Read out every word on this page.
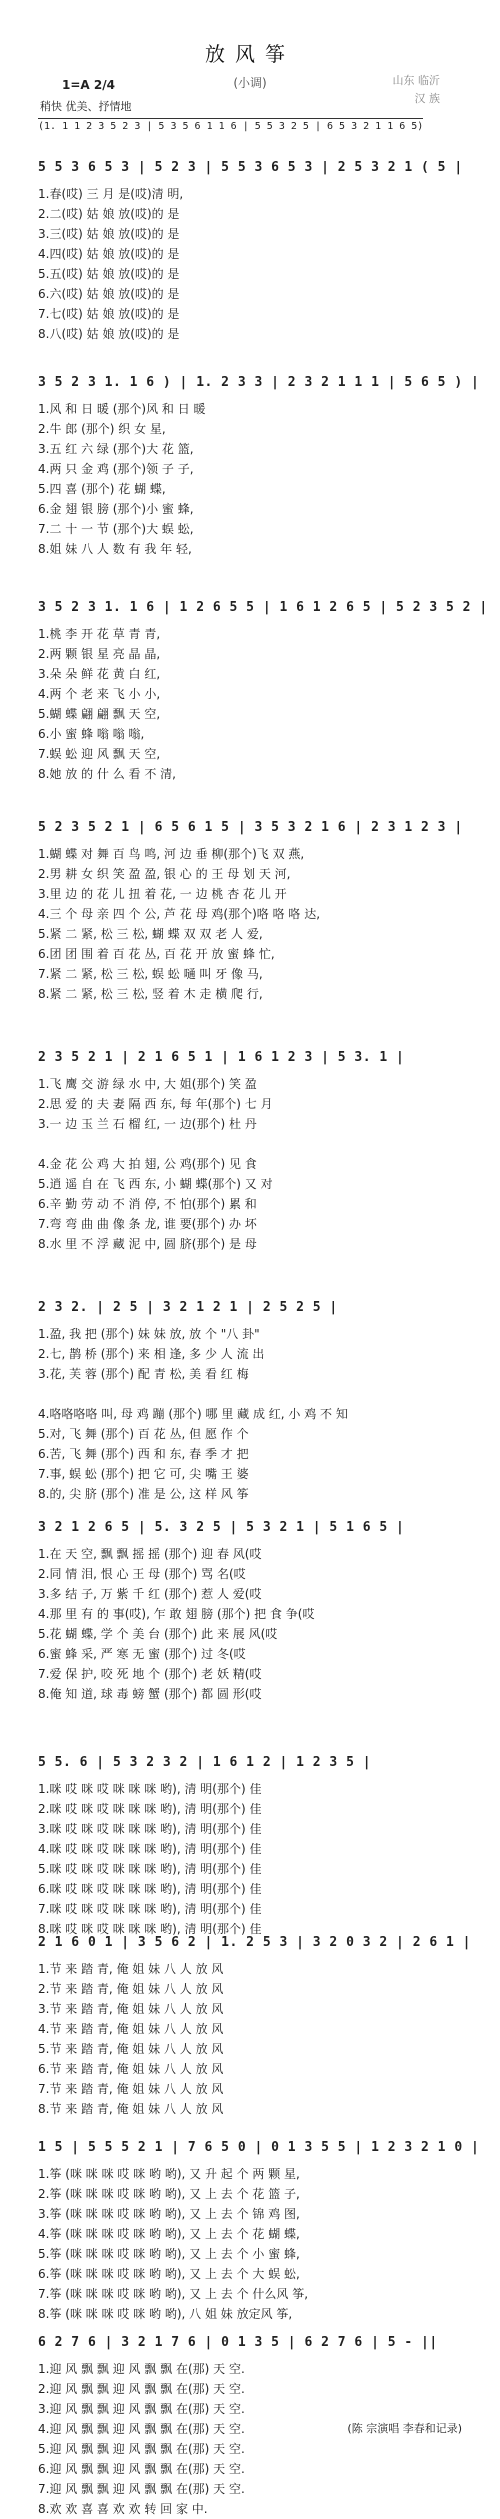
放风筝
(小调)	山东 临沂
汉 族
1=A 2/4
稍快 优美、抒情地
(1. 1 1 2 3 5 2 3 | 5 3 5 6 1 1 6 | 5 5 3 2 5 | 6 5 3 2 1 1 6 5)
5 5 3 6 5 3 | 5 2 3 | 5 5 3 6 5 3 | 2 5 3 2 1 ( 5 |
1.春(哎) 三 月 是(哎)清 明,
2.二(哎) 姑 娘 放(哎)的 是
3.三(哎) 姑 娘 放(哎)的 是
4.四(哎) 姑 娘 放(哎)的 是
5.五(哎) 姑 娘 放(哎)的 是
6.六(哎) 姑 娘 放(哎)的 是
7.七(哎) 姑 娘 放(哎)的 是
8.八(哎) 姑 娘 放(哎)的 是
3 5 2 3 1. 1 6 ) | 1. 2 3 3 | 2 3 2 1 1 1 | 5 6 5 ) |
1.风 和 日 暖 (那个)风 和 日 暖
2.牛 郎 (那个) 织 女 星,
3.五 红 六 绿 (那个)大 花 篮,
4.两 只 金 鸡 (那个)领 子 子,
5.四 喜 (那个) 花 蝴 蝶,
6.金 翅 银 膀 (那个)小 蜜 蜂,
7.二 十 一 节 (那个)大 蜈 蚣,
8.姐 妹 八 人 数 有 我 年 轻,
3 5 2 3 1. 1 6 | 1 2 6 5 5 | 1 6 1 2 6 5 | 5 2 3 5 2 |
1.桃 李 开 花 草 青 青,
2.两 颗 银 星 亮 晶 晶,
3.朵 朵 鲜 花 黄 白 红,
4.两 个 老 来 飞 小 小,
5.蝴 蝶 翩 翩 飘 天 空,
6.小 蜜 蜂 嗡 嗡 嗡,
7.蜈 蚣 迎 风 飘 天 空,
8.她 放 的 什 么 看 不 清,
5 2 3 5 2 1 | 6 5 6 1 5 | 3 5 3 2 1 6 | 2 3 1 2 3 |
1.蝴 蝶 对 舞 百 鸟 鸣, 河 边 垂 柳(那个)飞 双 燕,
2.男 耕 女 织 笑 盈 盈, 银 心 的 王 母 划 天 河,
3.里 边 的 花 儿 扭 着 花, 一 边 桃 杏 花 儿 开
4.三 个 母 亲 四 个 公, 芦 花 母 鸡(那个)咯 咯 咯 达,
5.紧 二 紧, 松 三 松, 蝴 蝶 双 双 老 人 爱,
6.团 团 围 着 百 花 丛, 百 花 开 放 蜜 蜂 忙,
7.紧 二 紧, 松 三 松, 蜈 蚣 嗵 叫 牙 像 马,
8.紧 二 紧, 松 三 松, 竖 着 木 走 横 爬 行,
2 3 5 2 1 | 2 1 6 5 1 | 1 6 1 2 3 | 5 3. 1 |
1.飞 鹰 交 游 绿 水 中, 大 姐(那个) 笑 盈
2.思 爱 的 夫 妻 隔 西 东, 每 年(那个) 七 月
3.一 边 玉 兰 石 榴 红, 一 边(那个) 杜 丹
4.金 花 公 鸡 大 拍 翅, 公 鸡(那个) 见 食
5.逍 遥 自 在 飞 西 东, 小 蝴 蝶(那个) 又 对
6.辛 勤 劳 动 不 消 停, 不 怕(那个) 累 和
7.弯 弯 曲 曲 像 条 龙, 谁 要(那个) 办 坏
8.水 里 不 浮 藏 泥 中, 圆 脐(那个) 是 母
2 3 2. | 2 5 | 3 2 1 2 1 | 2 5 2 5 |
1.盈, 我 把 (那个) 妹 妹 放, 放 个 "八 卦"
2.七, 鹊 桥 (那个) 来 相 逢, 多 少 人 流 出
3.花, 芙 蓉 (那个) 配 青 松, 美 看 红 梅
4.咯咯咯咯 叫, 母 鸡 蹦 (那个) 哪 里 藏 成 红, 小 鸡 不 知
5.对, 飞 舞 (那个) 百 花 丛, 但 愿 作 个
6.苦, 飞 舞 (那个) 西 和 东, 春 季 才 把
7.事, 蜈 蚣 (那个) 把 它 可, 尖 嘴 王 婆
8.的, 尖 脐 (那个) 准 是 公, 这 样 风 筝
3 2 1 2 6 5 | 5. 3 2 5 | 5 3 2 1 | 5 1 6 5 |
1.在 天 空, 飘 飘 摇 摇 (那个) 迎 春 风(哎
2.同 情 泪, 恨 心 王 母 (那个) 骂 名(哎
3.多 结 子, 万 紫 千 红 (那个) 惹 人 爱(哎
4.那 里 有 的 事(哎), 乍 敢 翅 膀 (那个) 把 食 争(哎
5.花 蝴 蝶, 学 个 美 台 (那个) 此 来 展 风(哎
6.蜜 蜂 采, 严 寒 无 蜜 (那个) 过 冬(哎
7.爱 保 护, 咬 死 地 个 (那个) 老 妖 精(哎
8.俺 知 道, 球 毒 螃 蟹 (那个) 都 圆 形(哎
5 5. 6 | 5 3 2 3 2 | 1 6 1 2 | 1 2 3 5 |
1.咪 哎 咪 哎 咪 咪 咪 哟), 清 明(那个) 佳
2.咪 哎 咪 哎 咪 咪 咪 哟), 清 明(那个) 佳
3.咪 哎 咪 哎 咪 咪 咪 哟), 清 明(那个) 佳
4.咪 哎 咪 哎 咪 咪 咪 哟), 清 明(那个) 佳
5.咪 哎 咪 哎 咪 咪 咪 哟), 清 明(那个) 佳
6.咪 哎 咪 哎 咪 咪 咪 哟), 清 明(那个) 佳
7.咪 哎 咪 哎 咪 咪 咪 哟), 清 明(那个) 佳
8.咪 哎 咪 哎 咪 咪 咪 哟), 清 明(那个) 佳
2 1 6 0 1 | 3 5 6 2 | 1. 2 5 3 | 3 2 0 3 2 | 2 6 1 |
1.节 来 踏 青, 俺 姐 妹 八 人 放 风
2.节 来 踏 青, 俺 姐 妹 八 人 放 风
3.节 来 踏 青, 俺 姐 妹 八 人 放 风
4.节 来 踏 青, 俺 姐 妹 八 人 放 风
5.节 来 踏 青, 俺 姐 妹 八 人 放 风
6.节 来 踏 青, 俺 姐 妹 八 人 放 风
7.节 来 踏 青, 俺 姐 妹 八 人 放 风
8.节 来 踏 青, 俺 姐 妹 八 人 放 风
1 5 | 5 5 5 2 1 | 7 6 5 0 | 0 1 3 5 5 | 1 2 3 2 1 0 |
1.筝 (咪 咪 咪 哎 咪 哟 哟), 又 升 起 个 两 颗 星,
2.筝 (咪 咪 咪 哎 咪 哟 哟), 又 上 去 个 花 篮 子,
3.筝 (咪 咪 咪 哎 咪 哟 哟), 又 上 去 个 锦 鸡 图,
4.筝 (咪 咪 咪 哎 咪 哟 哟), 又 上 去 个 花 蝴 蝶,
5.筝 (咪 咪 咪 哎 咪 哟 哟), 又 上 去 个 小 蜜 蜂,
6.筝 (咪 咪 咪 哎 咪 哟 哟), 又 上 去 个 大 蜈 蚣,
7.筝 (咪 咪 咪 哎 咪 哟 哟), 又 上 去 个 什么风 筝,
8.筝 (咪 咪 咪 哎 咪 哟 哟), 八 姐 妹 放定风 筝,
6 2 7 6 | 3 2 1 7 6 | 0 1 3 5 | 6 2 7 6 | 5 - ||
1.迎 风 飘 飘 迎 风 飘 飘 在(那) 天 空.
2.迎 风 飘 飘 迎 风 飘 飘 在(那) 天 空.
3.迎 风 飘 飘 迎 风 飘 飘 在(那) 天 空.
4.迎 风 飘 飘 迎 风 飘 飘 在(那) 天 空.
5.迎 风 飘 飘 迎 风 飘 飘 在(那) 天 空.
6.迎 风 飘 飘 迎 风 飘 飘 在(那) 天 空.
7.迎 风 飘 飘 迎 风 飘 飘 在(那) 天 空.
8.欢 欢 喜 喜 欢 欢 转 回 家 中.
(陈 宗演唱 李春和记录)
